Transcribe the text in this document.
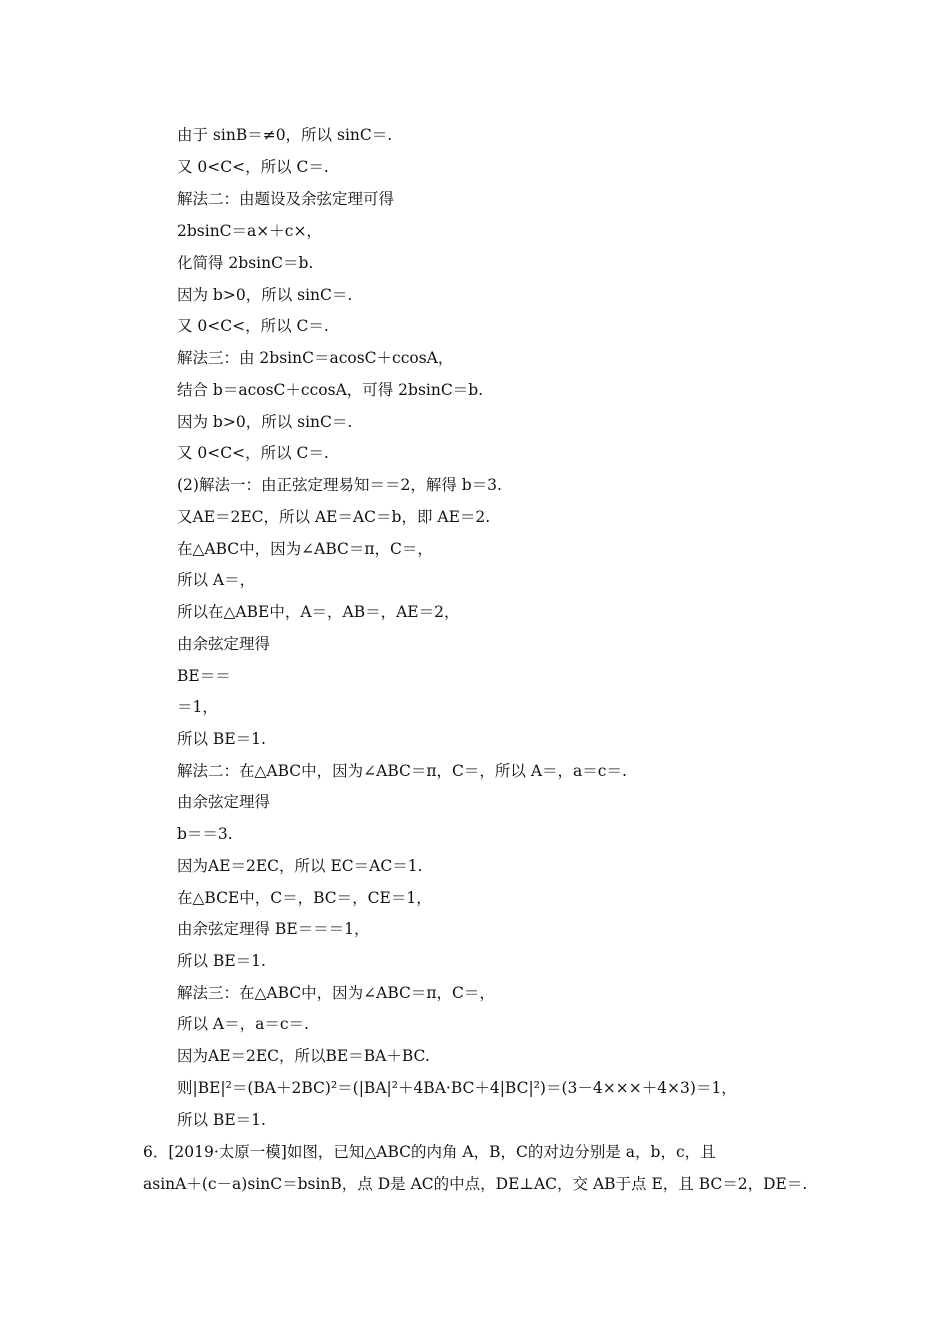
由于 sinB＝≠0，所以 sinC＝.
又 0<C<，所以 C＝.
解法二：由题设及余弦定理可得
2bsinC＝a×＋c×，
化简得 2bsinC＝b.
因为 b>0，所以 sinC＝.
又 0<C<，所以 C＝.
解法三：由 2bsinC＝acosC＋ccosA，
结合 b＝acosC＋ccosA，可得 2bsinC＝b.
因为 b>0，所以 sinC＝.
又 0<C<，所以 C＝.
(2)解法一：由正弦定理易知＝＝2，解得 b＝3.
又AE＝2EC，所以 AE＝AC＝b，即 AE＝2.
在△ABC中，因为∠ABC＝π，C＝，
所以 A＝，
所以在△ABE中，A＝，AB＝，AE＝2，
由余弦定理得
BE＝＝
＝1，
所以 BE＝1.
解法二：在△ABC中，因为∠ABC＝π，C＝，所以 A＝，a＝c＝.
由余弦定理得
b＝＝3.
因为AE＝2EC，所以 EC＝AC＝1.
在△BCE中，C＝，BC＝，CE＝1，
由余弦定理得 BE＝＝＝1，
所以 BE＝1.
解法三：在△ABC中，因为∠ABC＝π，C＝，
所以 A＝，a＝c＝.
因为AE＝2EC，所以BE＝BA＋BC.
则|BE|²＝(BA＋2BC)²＝(|BA|²＋4BA·BC＋4|BC|²)＝(3－4×××＋4×3)＝1，
所以 BE＝1.
6．[2019·太原一模]如图，已知△ABC的内角 A，B，C的对边分别是 a，b，c，且
asinA＋(c－a)sinC＝bsinB，点 D是 AC的中点，DE⊥AC，交 AB于点 E，且 BC＝2，DE＝.
